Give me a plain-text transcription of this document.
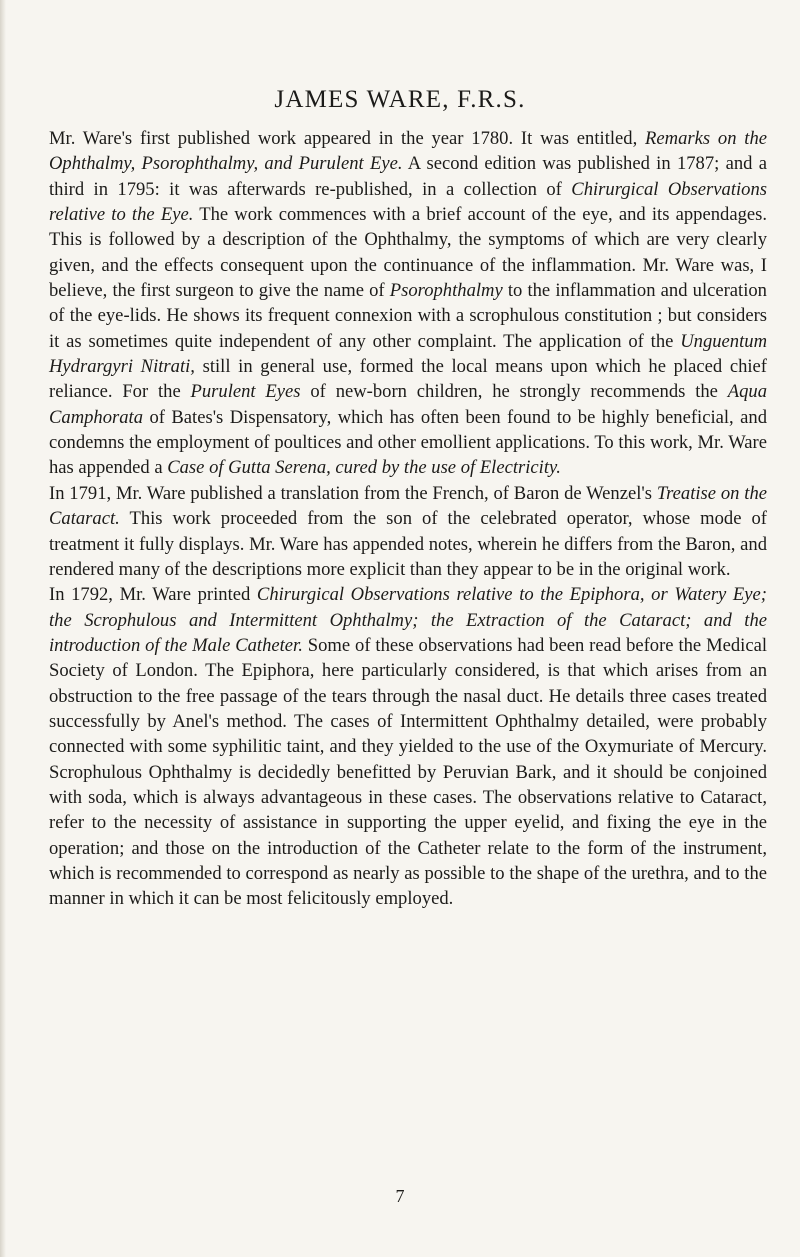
JAMES WARE, F.R.S.

Mr. Ware's first published work appeared in the year 1780. It was entitled, Remarks on the Ophthalmy, Psorophthalmy, and Purulent Eye. A second edition was published in 1787; and a third in 1795: it was afterwards re-published, in a collection of Chirurgical Observations relative to the Eye. The work commences with a brief account of the eye, and its appendages. This is followed by a description of the Ophthalmy, the symptoms of which are very clearly given, and the effects consequent upon the continuance of the inflammation. Mr. Ware was, I believe, the first surgeon to give the name of Psorophthalmy to the inflammation and ulceration of the eye-lids. He shows its frequent connexion with a scrophulous constitution ; but considers it as sometimes quite independent of any other complaint. The application of the Unguentum Hydrargyri Nitrati, still in general use, formed the local means upon which he placed chief reliance. For the Purulent Eyes of new-born children, he strongly recommends the Aqua Camphorata of Bates's Dispensatory, which has often been found to be highly beneficial, and condemns the employment of poultices and other emollient applications. To this work, Mr. Ware has appended a Case of Gutta Serena, cured by the use of Electricity.

In 1791, Mr. Ware published a translation from the French, of Baron de Wenzel's Treatise on the Cataract. This work proceeded from the son of the celebrated operator, whose mode of treatment it fully displays. Mr. Ware has appended notes, wherein he differs from the Baron, and rendered many of the descriptions more explicit than they appear to be in the original work.

In 1792, Mr. Ware printed Chirurgical Observations relative to the Epiphora, or Watery Eye; the Scrophulous and Intermittent Ophthalmy; the Extraction of the Cataract; and the introduction of the Male Catheter. Some of these observations had been read before the Medical Society of London. The Epiphora, here particularly considered, is that which arises from an obstruction to the free passage of the tears through the nasal duct. He details three cases treated successfully by Anel's method. The cases of Intermittent Ophthalmy detailed, were probably connected with some syphilitic taint, and they yielded to the use of the Oxymuriate of Mercury. Scrophulous Ophthalmy is decidedly benefitted by Peruvian Bark, and it should be conjoined with soda, which is always advantageous in these cases. The observations relative to Cataract, refer to the necessity of assistance in supporting the upper eyelid, and fixing the eye in the operation; and those on the introduction of the Catheter relate to the form of the instrument, which is recommended to correspond as nearly as possible to the shape of the urethra, and to the manner in which it can be most felicitously employed.

7
